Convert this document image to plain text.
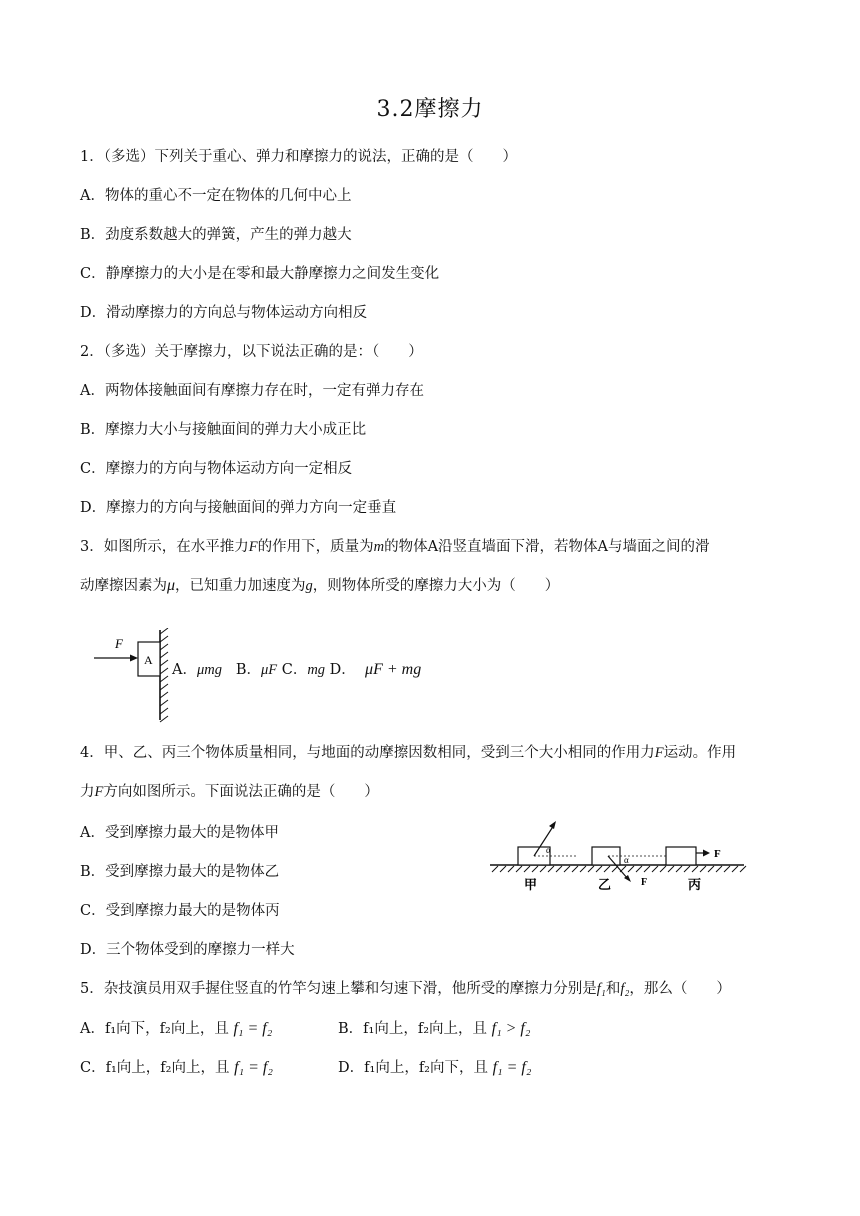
3.2摩擦力
1．（多选）下列关于重心、弹力和摩擦力的说法，正确的是（　　）
A．物体的重心不一定在物体的几何中心上
B．劲度系数越大的弹簧，产生的弹力越大
C．静摩擦力的大小是在零和最大静摩擦力之间发生变化
D．滑动摩擦力的方向总与物体运动方向相反
2．（多选）关于摩擦力，以下说法正确的是：（　　）
A．两物体接触面间有摩擦力存在时，一定有弹力存在
B．摩擦力大小与接触面间的弹力大小成正比
C．摩擦力的方向与物体运动方向一定相反
D．摩擦力的方向与接触面间的弹力方向一定垂直
3．如图所示，在水平推力F的作用下，质量为m的物体A沿竖直墙面下滑，若物体A与墙面之间的滑
动摩擦因素为μ，已知重力加速度为g，则物体所受的摩擦力大小为（　　）
F
A
A．μmg B．μF C．mg D． μF + mg
4．甲、乙、丙三个物体质量相同，与地面的动摩擦因数相同，受到三个大小相同的作用力F运动。作用
力F方向如图所示。下面说法正确的是（　　）
A．受到摩擦力最大的是物体甲
B．受到摩擦力最大的是物体乙
C．受到摩擦力最大的是物体丙
D．三个物体受到的摩擦力一样大
α
甲
α
F
乙
F
丙
5．杂技演员用双手握住竖直的竹竿匀速上攀和匀速下滑，他所受的摩擦力分别是f₁和f₂，那么（　　）
A．f₁向下，f₂向上，且 f₁ = f₂	B．f₁向上，f₂向上，且 f₁ > f₂
C．f₁向上，f₂向上，且 f₁ = f₂	D．f₁向上，f₂向下，且 f₁ = f₂
